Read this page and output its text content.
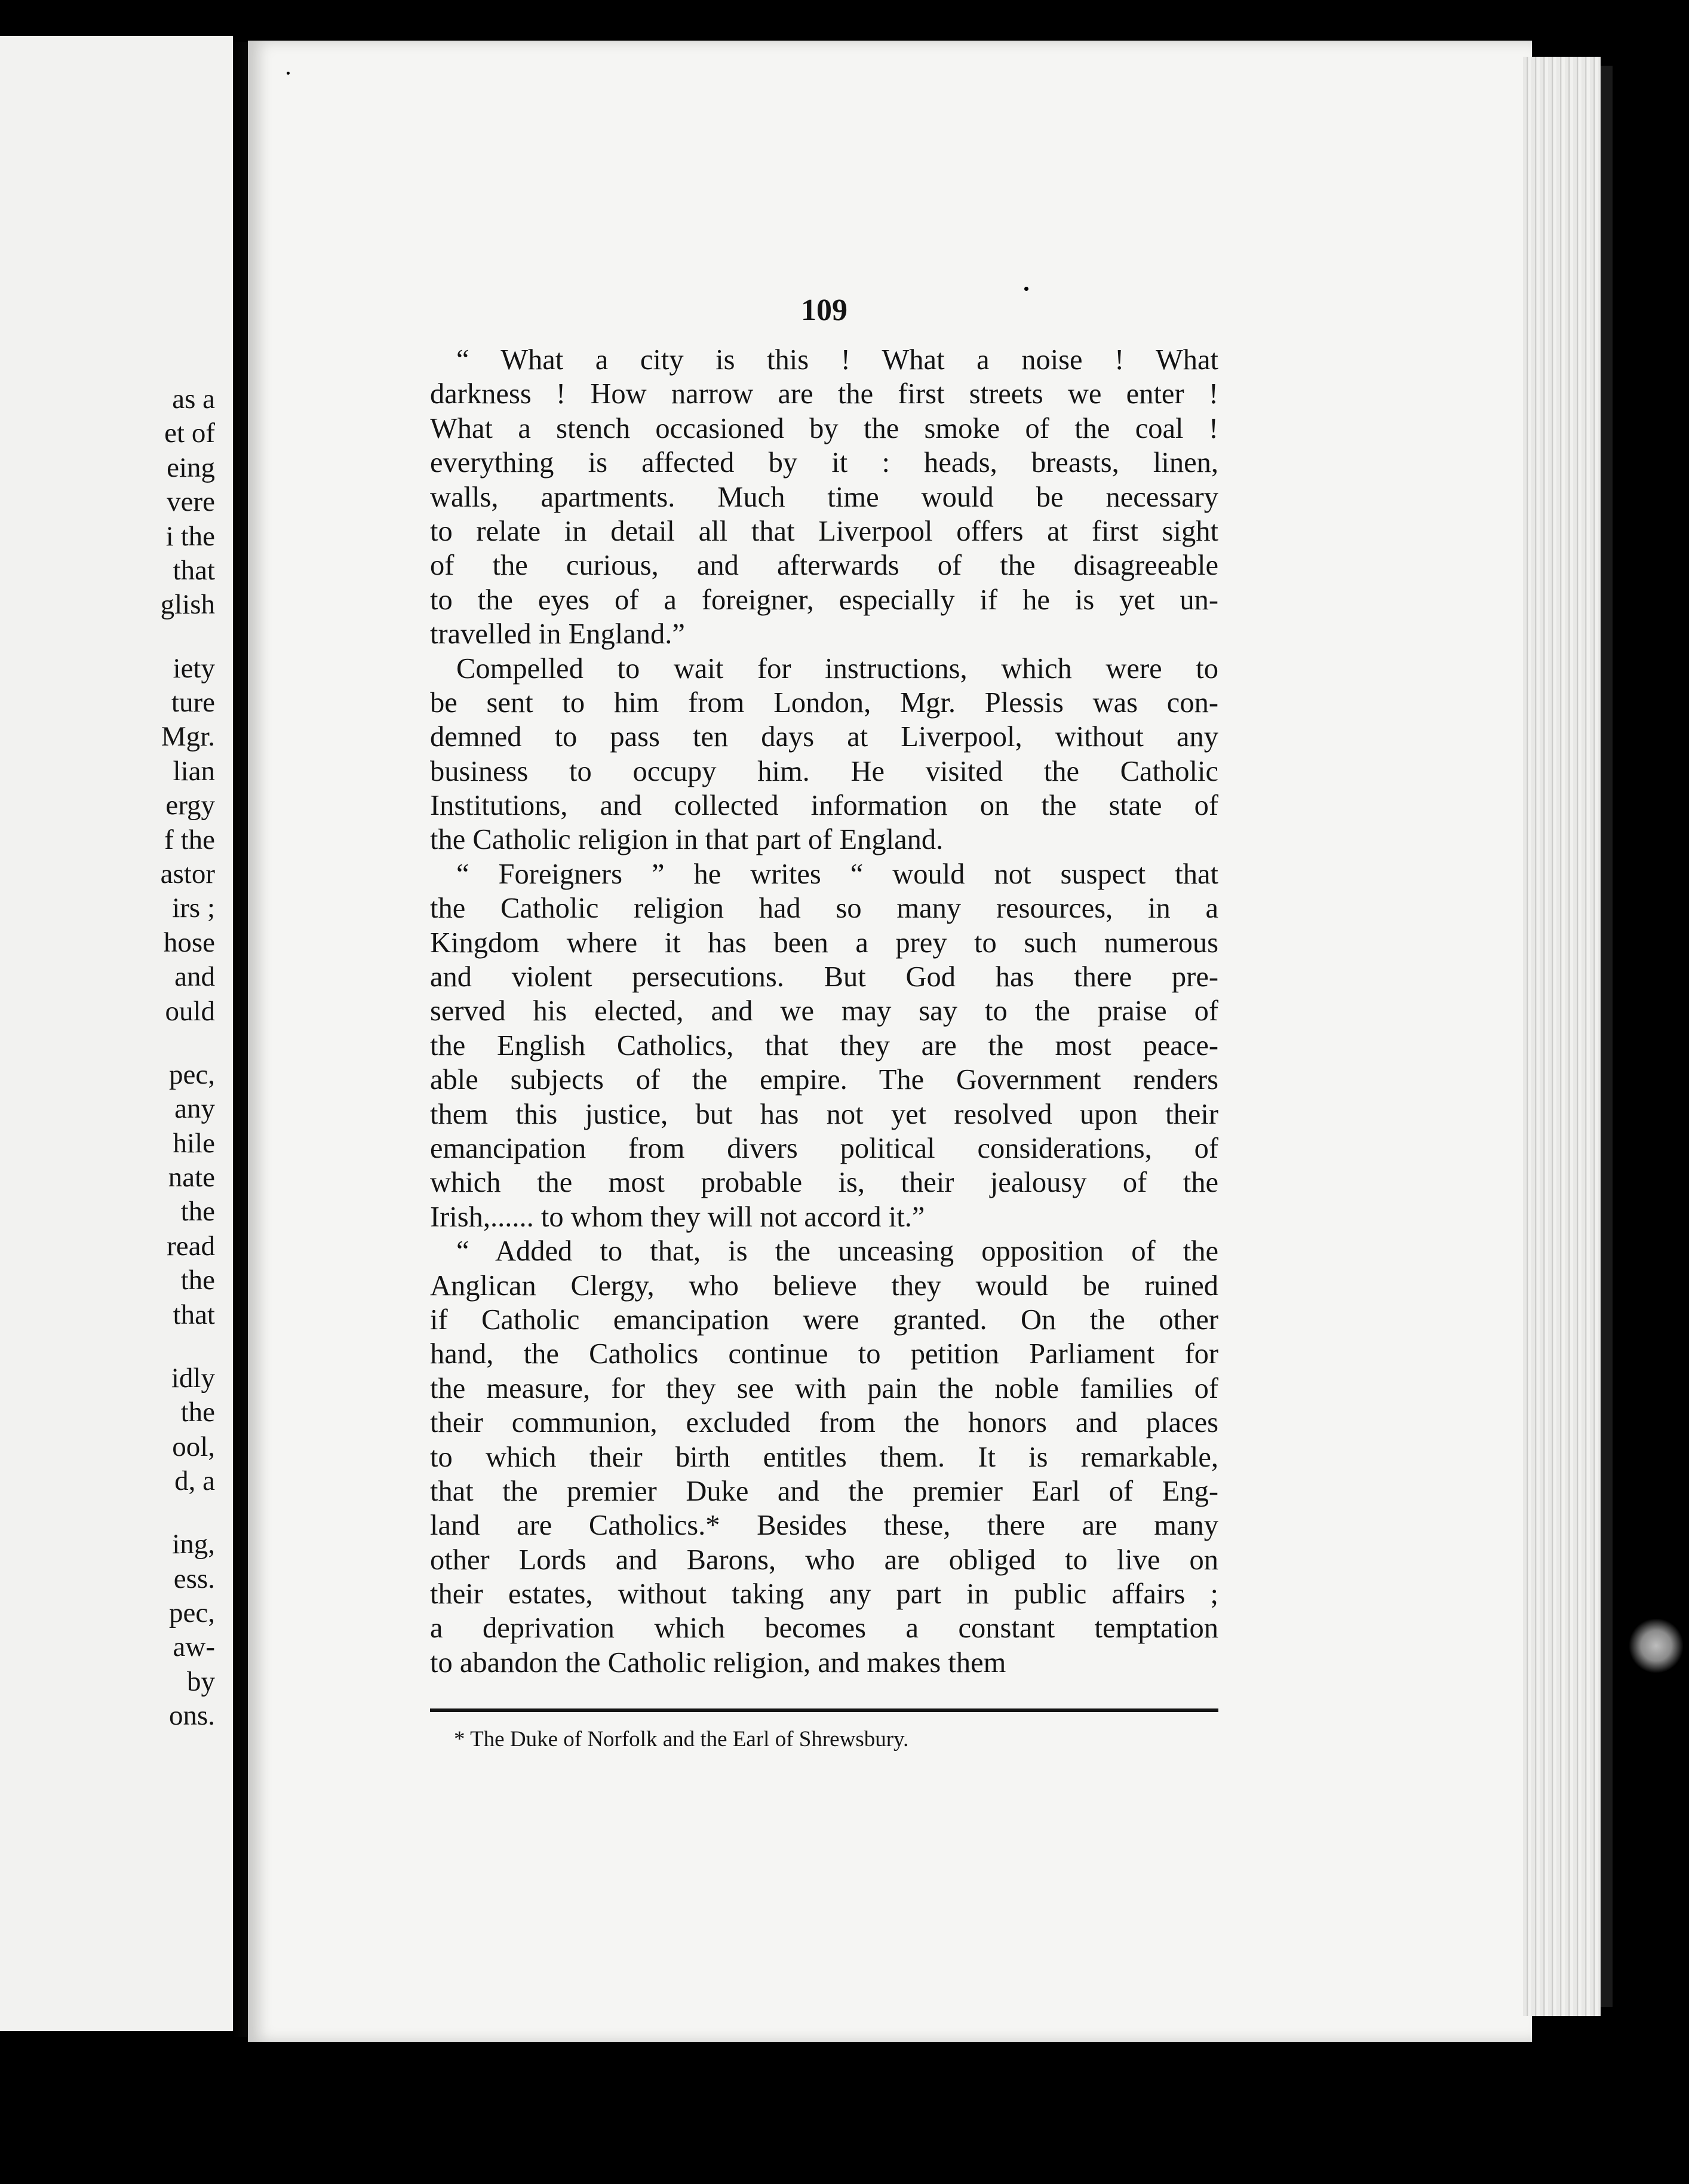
as a
et of
eing
vere
i the
that
glish
iety
ture
Mgr.
lian
ergy
f the
astor
irs ;
hose
and
ould
pec,
any
hile
nate
the
read
the
that
idly
the
ool,
d, a
ing,
ess.
pec,
aw-
by
ons.
109
“ What a city is this ! What a noise ! What
darkness ! How narrow are the first streets we enter !
What a stench occasioned by the smoke of the coal !
everything is affected by it : heads, breasts, linen,
walls, apartments. Much time would be necessary
to relate in detail all that Liverpool offers at first sight
of the curious, and afterwards of the disagreeable
to the eyes of a foreigner, especially if he is yet un-
travelled in England.”
Compelled to wait for instructions, which were to
be sent to him from London, Mgr. Plessis was con-
demned to pass ten days at Liverpool, without any
business to occupy him. He visited the Catholic
Institutions, and collected information on the state of
the Catholic religion in that part of England.
“ Foreigners ” he writes “ would not suspect that
the Catholic religion had so many resources, in a
Kingdom where it has been a prey to such numerous
and violent persecutions. But God has there pre-
served his elected, and we may say to the praise of
the English Catholics, that they are the most peace-
able subjects of the empire. The Government renders
them this justice, but has not yet resolved upon their
emancipation from divers political considerations, of
which the most probable is, their jealousy of the
Irish,...... to whom they will not accord it.”
“ Added to that, is the unceasing opposition of the
Anglican Clergy, who believe they would be ruined
if Catholic emancipation were granted. On the other
hand, the Catholics continue to petition Parliament for
the measure, for they see with pain the noble families of
their communion, excluded from the honors and places
to which their birth entitles them. It is remarkable,
that the premier Duke and the premier Earl of Eng-
land are Catholics.* Besides these, there are many
other Lords and Barons, who are obliged to live on
their estates, without taking any part in public affairs ;
a deprivation which becomes a constant temptation
to abandon the Catholic religion, and makes them
* The Duke of Norfolk and the Earl of Shrewsbury.
